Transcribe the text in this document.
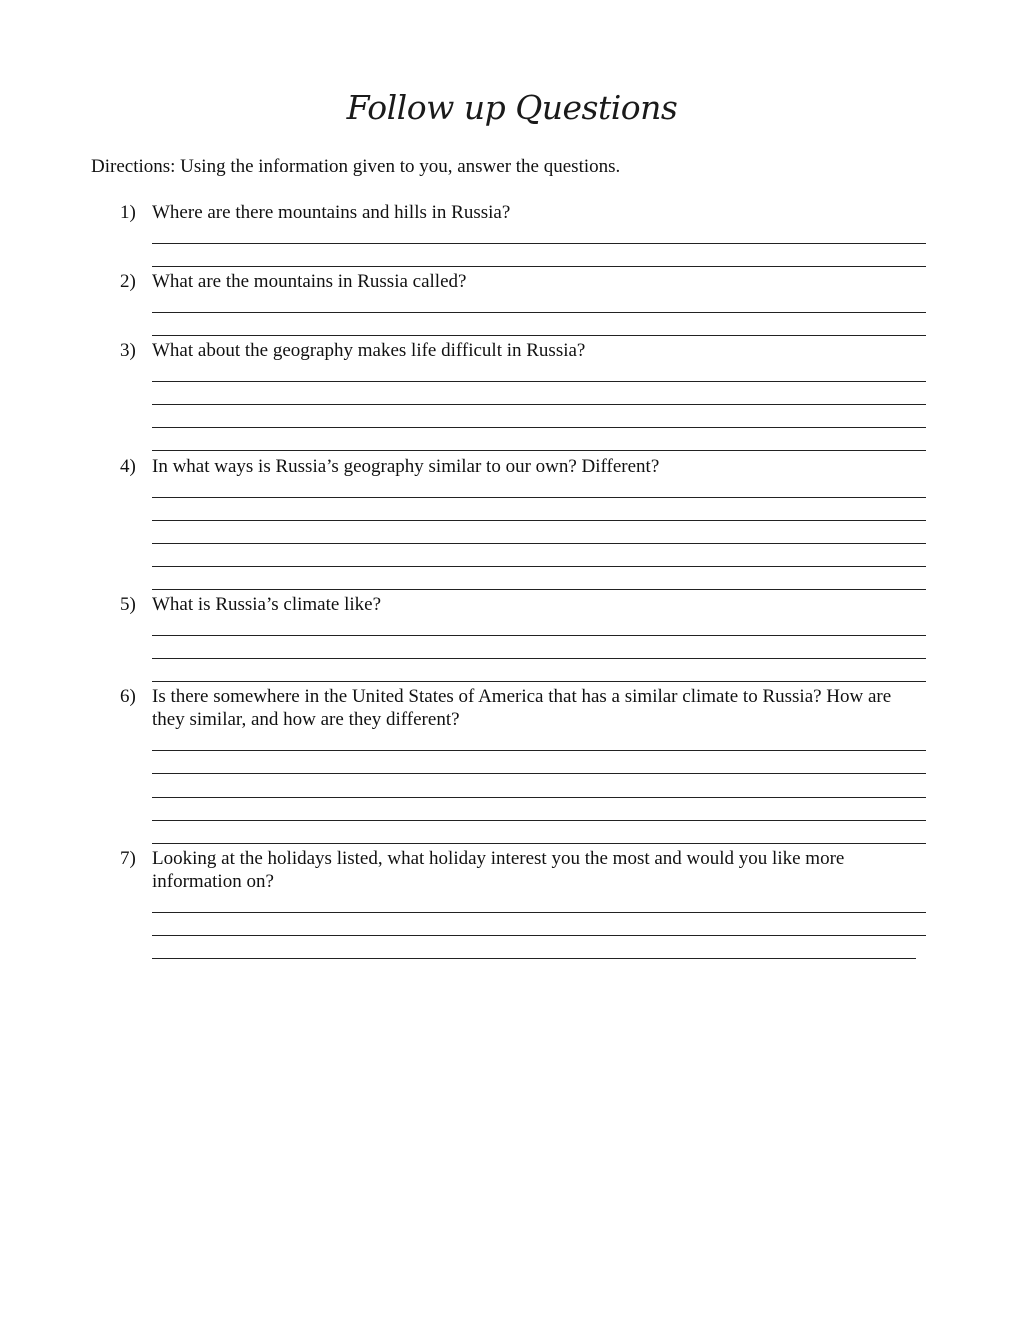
Follow up Questions
Directions: Using the information given to you, answer the questions.
1) Where are there mountains and hills in Russia?
2) What are the mountains in Russia called?
3) What about the geography makes life difficult in Russia?
4) In what ways is Russia’s geography similar to our own? Different?
5) What is Russia’s climate like?
6) Is there somewhere in the United States of America that has a similar climate to Russia? How are they similar, and how are they different?
7) Looking at the holidays listed, what holiday interest you the most and would you like more information on?
